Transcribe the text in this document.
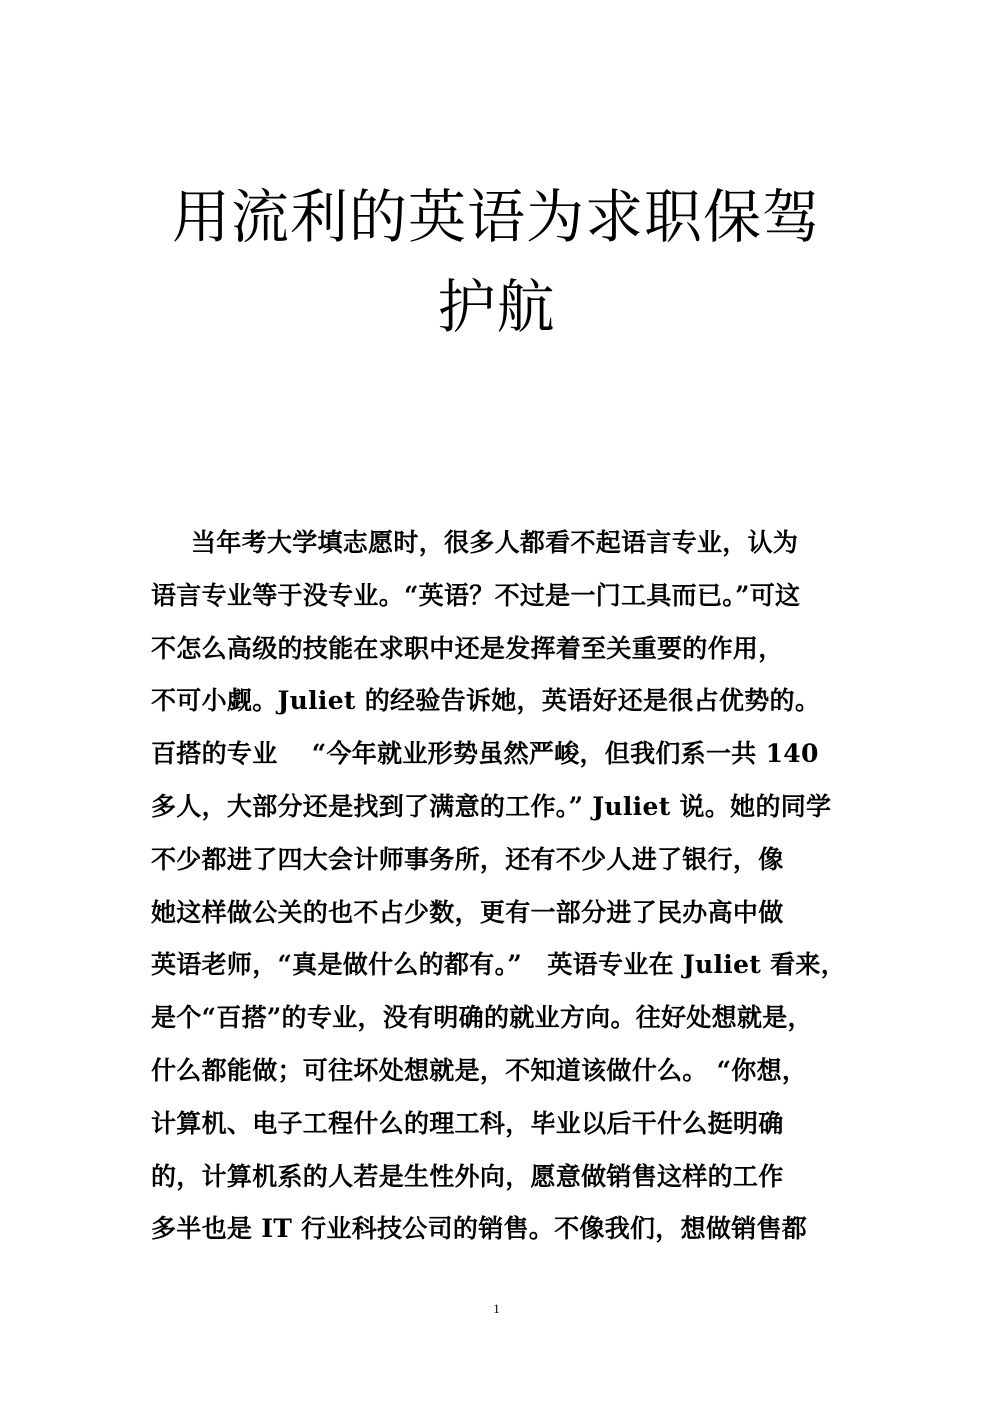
用流利的英语为求职保驾
护航
当年考大学填志愿时，很多人都看不起语言专业，认为
语言专业等于没专业。“英语？不过是一门工具而已。”可这
不怎么高级的技能在求职中还是发挥着至关重要的作用，
不可小觑。Juliet 的经验告诉她，英语好还是很占优势的。
百搭的专业　 “今年就业形势虽然严峻，但我们系一共 140
多人，大部分还是找到了满意的工作。” Juliet 说。她的同学
不少都进了四大会计师事务所，还有不少人进了银行，像
她这样做公关的也不占少数，更有一部分进了民办高中做
英语老师，“真是做什么的都有。”　英语专业在 Juliet 看来，
是个“百搭”的专业，没有明确的就业方向。往好处想就是，
什么都能做；可往坏处想就是，不知道该做什么。 “你想，
计算机、电子工程什么的理工科，毕业以后干什么挺明确
的，计算机系的人若是生性外向，愿意做销售这样的工作
多半也是 IT 行业科技公司的销售。不像我们，想做销售都
1
